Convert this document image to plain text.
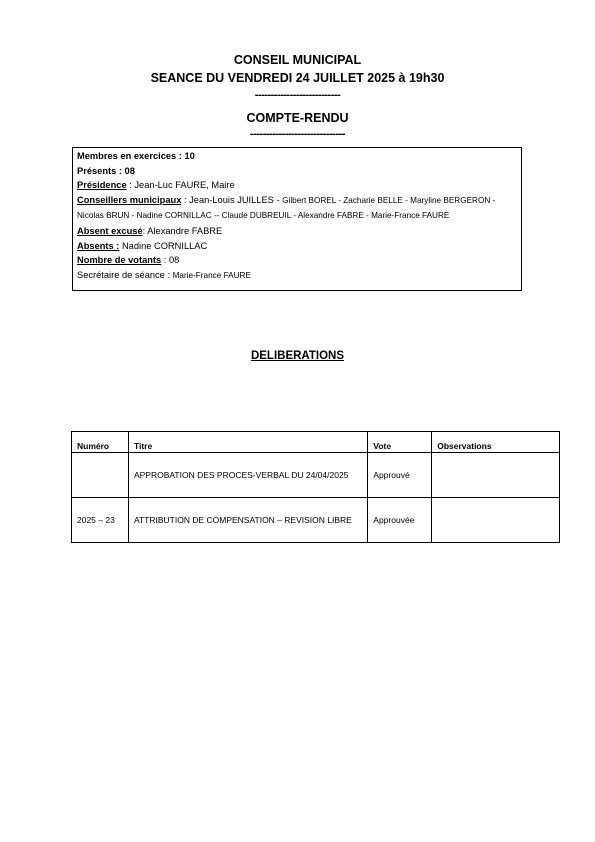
CONSEIL MUNICIPAL
SEANCE DU VENDREDI 24 JUILLET 2025 à 19h30
---------------------------
COMPTE-RENDU
------------------------------
Membres en exercices : 10
Présents : 08
Présidence : Jean-Luc FAURE, Maire
Conseillers municipaux : Jean-Louis JUILLES - Gilbert BOREL - Zacharie BELLE - Maryline BERGERON - Nicolas BRUN - Nadine CORNILLAC -- Claude DUBREUIL - Alexandre FABRE - Marie-France FAURE
Absent excusé: Alexandre FABRE
Absents : Nadine CORNILLAC
Nombre de votants : 08
Secrétaire de séance : Marie-France FAURE
DELIBERATIONS
Numéro	Titre	Vote	Observations
	APPROBATION DES PROCES-VERBAL DU 24/04/2025	Approuvé	
2025 – 23	ATTRIBUTION DE COMPENSATION – REVISION LIBRE	Approuvée	
